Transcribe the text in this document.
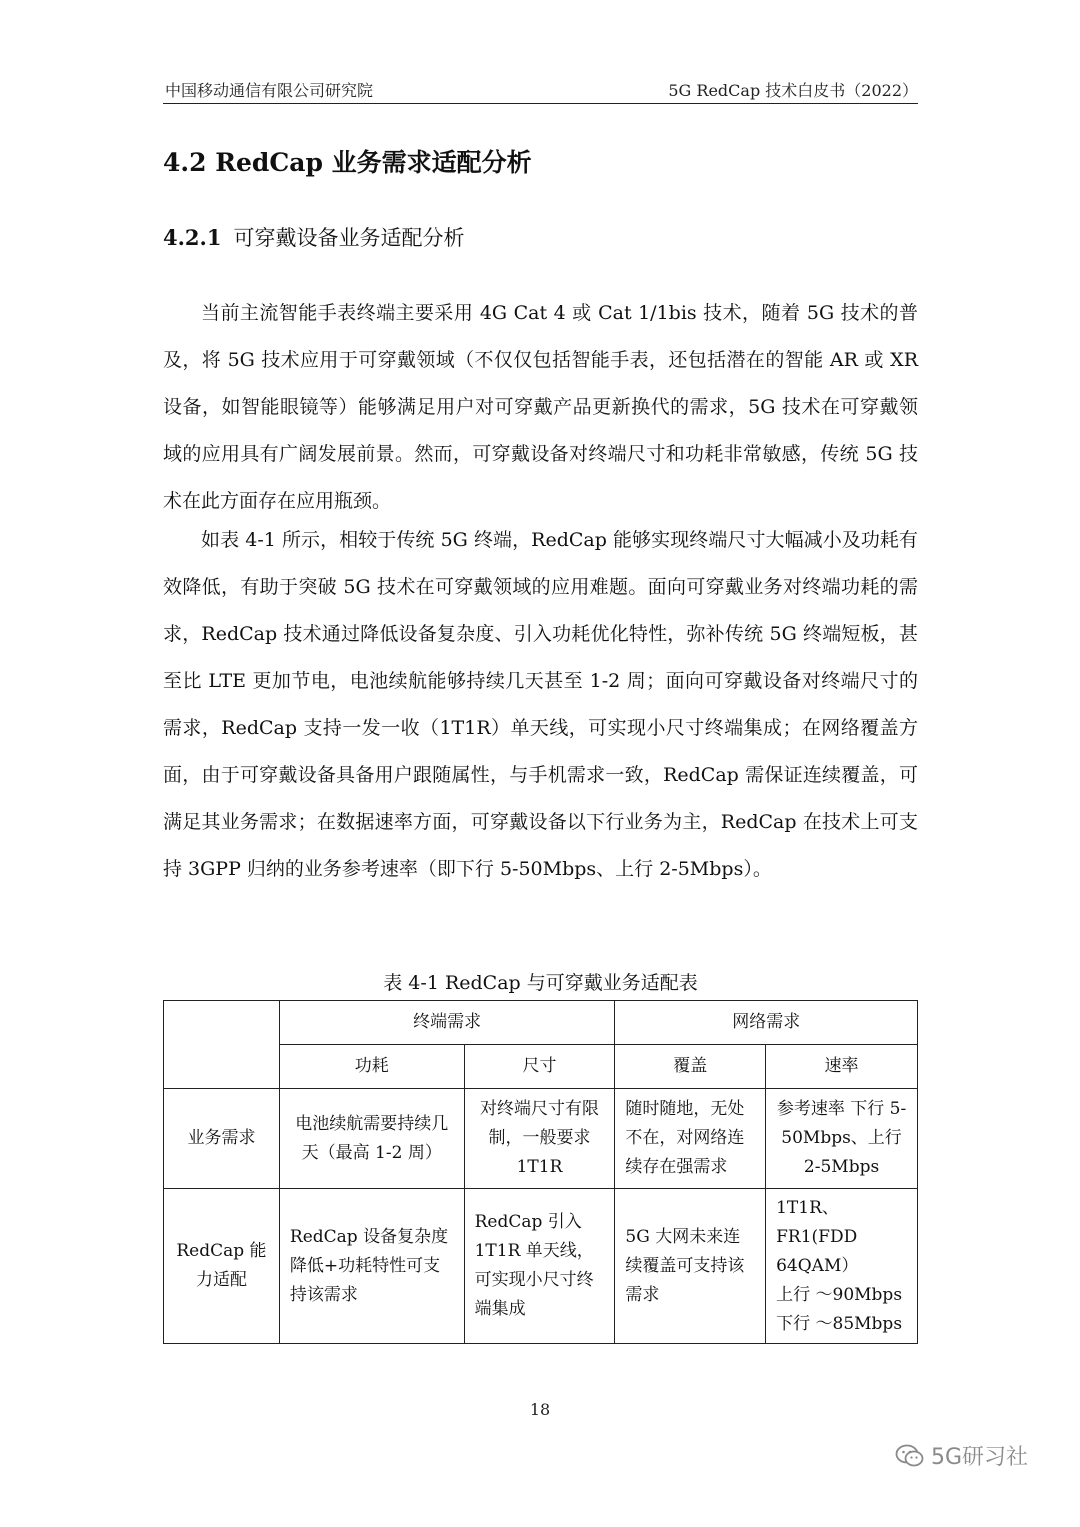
中国移动通信有限公司研究院	5G RedCap 技术白皮书（2022）
4.2 RedCap 业务需求适配分析
4.2.1 可穿戴设备业务适配分析

当前主流智能手表终端主要采用 4G Cat 4 或 Cat 1/1bis 技术，随着 5G 技术的普及，将 5G 技术应用于可穿戴领域（不仅仅包括智能手表，还包括潜在的智能 AR 或 XR 设备，如智能眼镜等）能够满足用户对可穿戴产品更新换代的需求，5G 技术在可穿戴领域的应用具有广阔发展前景。然而，可穿戴设备对终端尺寸和功耗非常敏感，传统 5G 技术在此方面存在应用瓶颈。

如表 4-1 所示，相较于传统 5G 终端，RedCap 能够实现终端尺寸大幅减小及功耗有效降低，有助于突破 5G 技术在可穿戴领域的应用难题。面向可穿戴业务对终端功耗的需求，RedCap 技术通过降低设备复杂度、引入功耗优化特性，弥补传统 5G 终端短板，甚至比 LTE 更加节电，电池续航能够持续几天甚至 1-2 周；面向可穿戴设备对终端尺寸的需求，RedCap 支持一发一收（1T1R）单天线，可实现小尺寸终端集成；在网络覆盖方面，由于可穿戴设备具备用户跟随属性，与手机需求一致，RedCap 需保证连续覆盖，可满足其业务需求；在数据速率方面，可穿戴设备以下行业务为主，RedCap 在技术上可支持 3GPP 归纳的业务参考速率（即下行 5-50Mbps、上行 2-5Mbps）。

表 4-1 RedCap 与可穿戴业务适配表
	终端需求		网络需求	
	功耗	尺寸	覆盖	速率
业务需求	电池续航需要持续几天（最高 1-2 周）	对终端尺寸有限制，一般要求 1T1R	随时随地，无处不在，对网络连续存在强需求	参考速率 下行 5-50Mbps、上行 2-5Mbps
RedCap 能力适配	RedCap 设备复杂度降低+功耗特性可支持该需求	RedCap 引入 1T1R 单天线，可实现小尺寸终端集成	5G 大网未来连续覆盖可支持该需求	1T1R、
FR1(FDD
64QAM）
上行 ～90Mbps
下行 ～85Mbps
18
5G研习社
